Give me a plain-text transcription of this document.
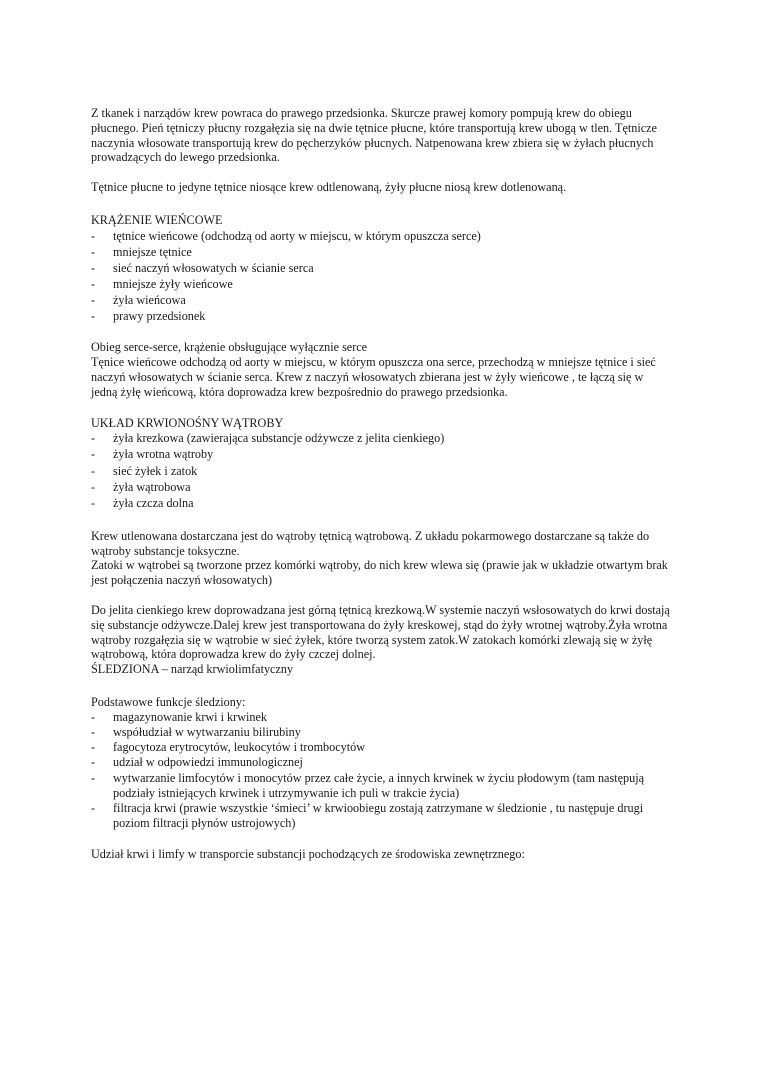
Z tkanek i narządów krew powraca do prawego przedsionka. Skurcze prawej komory pompują krew do obiegu płucnego. Pień tętniczy płucny rozgałęzia się na dwie tętnice płucne, które transportują krew ubogą w tlen. Tętnicze naczynia włosowate transportują krew do pęcherzyków płucnych. Natpenowana krew zbiera się w żyłach płucnych prowadzących do lewego przedsionka.

Tętnice płucne to jedyne tętnice niosące krew odtlenowaną, żyły płucne niosą krew dotlenowaną.

KRĄŻENIE WIEŃCOWE

- tętnice wieńcowe (odchodzą od aorty w miejscu, w którym opuszcza serce)
- mniejsze tętnice
- sieć naczyń włosowatych w ścianie serca
- mniejsze żyły wieńcowe
- żyła wieńcowa
- prawy przedsionek

Obieg serce-serce, krążenie obsługujące wyłącznie serce

Tęnice wieńcowe odchodzą od aorty w miejscu, w którym opuszcza ona serce, przechodzą w mniejsze tętnice i sieć naczyń włosowatych w ścianie serca. Krew z naczyń włosowatych zbierana jest w żyły wieńcowe , te łączą się w jedną żyłę wieńcową, która doprowadza krew bezpośrednio do prawego przedsionka.

UKŁAD KRWIONOŚNY WĄTROBY

- żyła krezkowa (zawierająca substancje odżywcze z jelita cienkiego)
- żyła wrotna wątroby
- sieć żyłek i zatok
- żyła wątrobowa
- żyła czcza dolna

Krew utlenowana dostarczana jest do wątroby tętnicą wątrobową. Z układu pokarmowego dostarczane są także do wątroby substancje toksyczne.

Zatoki w wątrobei są tworzone przez komórki wątroby, do nich krew wlewa się (prawie jak w układzie otwartym brak jest połączenia naczyń włosowatych)

Do jelita cienkiego krew doprowadzana jest górną tętnicą krezkową.W systemie naczyń wsłosowatych do krwi dostają się substancje odżywcze.Dalej krew jest transportowana do żyły kreskowej, stąd do żyły wrotnej wątroby.Żyła wrotna wątroby rozgałęzia się w wątrobie w sieć żyłek, które tworzą system zatok.W zatokach komórki zlewają się w żyłę wątrobową, która doprowadza krew do żyły czczej dolnej.

ŚLEDZIONA – narząd krwiolimfatyczny

Podstawowe funkcje śledziony:

- magazynowanie krwi i krwinek
- współudział w wytwarzaniu bilirubiny
- fagocytoza erytrocytów, leukocytów i trombocytów
- udział w odpowiedzi immunologicznej
- wytwarzanie limfocytów i monocytów przez całe życie, a innych krwinek w życiu płodowym (tam następują podziały istniejących krwinek i utrzymywanie ich puli w trakcie życia)
- filtracja krwi (prawie wszystkie ‘śmieci’ w krwioobiegu zostają zatrzymane w śledzionie , tu następuje drugi poziom filtracji płynów ustrojowych)

Udział krwi i limfy w transporcie substancji pochodzących ze środowiska zewnętrznego:
